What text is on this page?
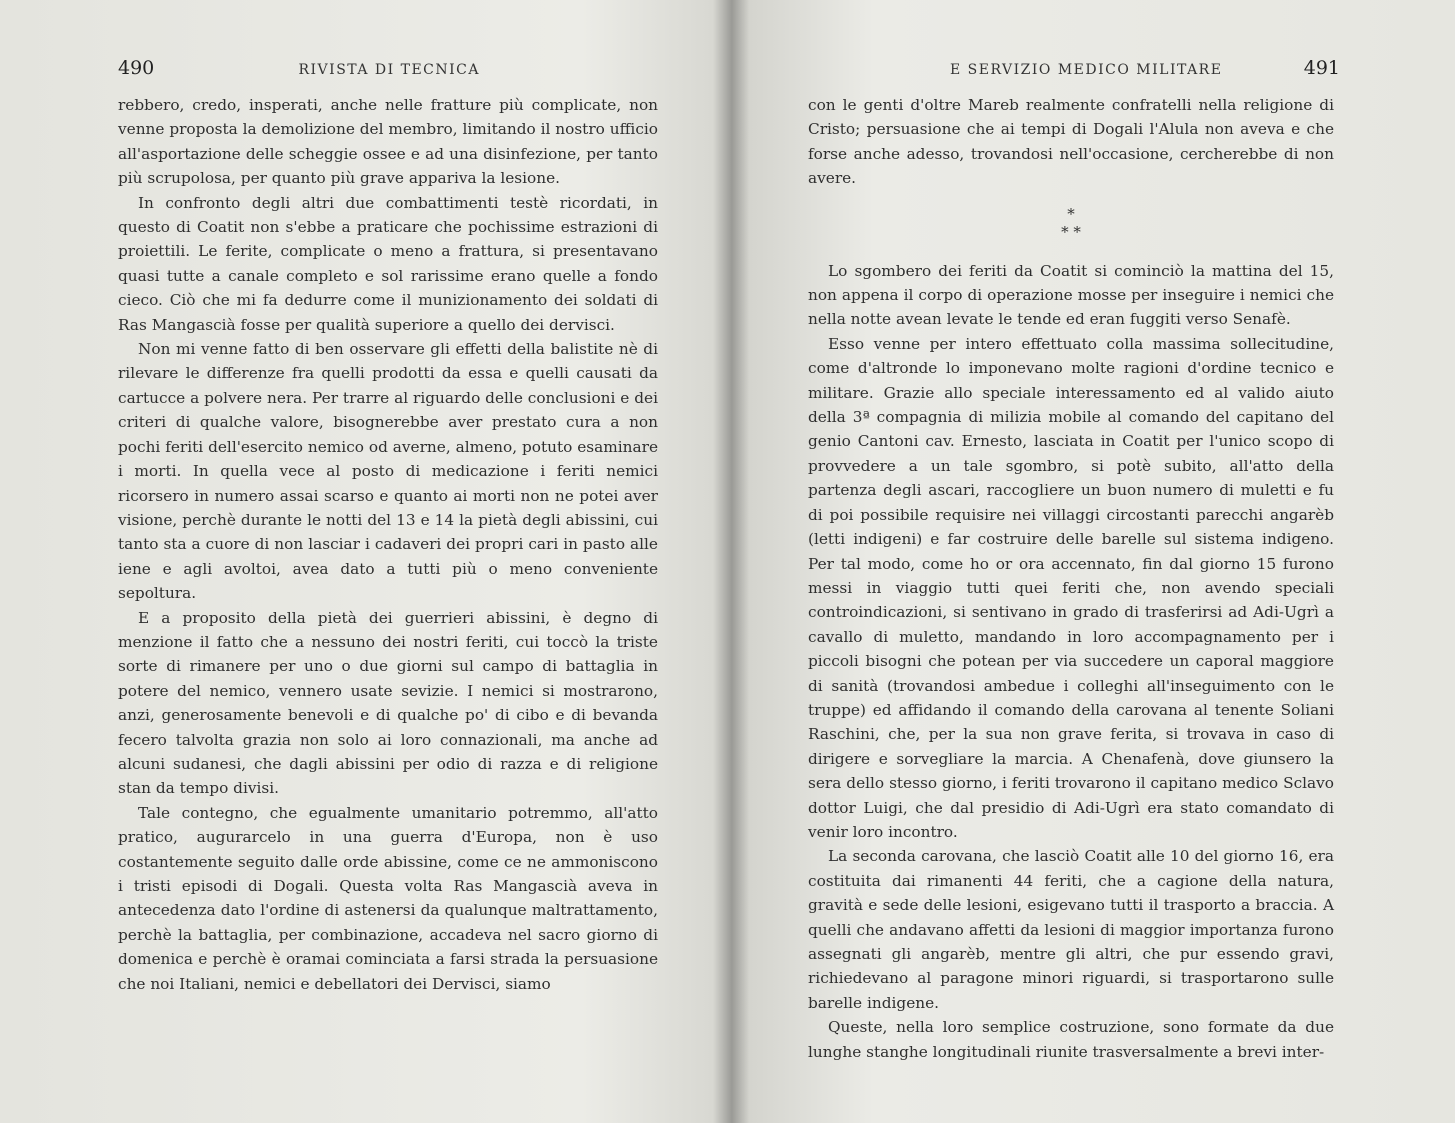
490	RIVISTA DI TECNICA

rebbero, credo, insperati, anche nelle fratture più complicate, non venne proposta la demolizione del membro, limitando il nostro ufficio all'asportazione delle scheggie ossee e ad una disinfezione, per tanto più scrupolosa, per quanto più grave appariva la lesione.

In confronto degli altri due combattimenti testè ricordati, in questo di Coatit non s'ebbe a praticare che pochissime estrazioni di proiettili. Le ferite, complicate o meno a frattura, si presentavano quasi tutte a canale completo e sol rarissime erano quelle a fondo cieco. Ciò che mi fa dedurre come il munizionamento dei soldati di Ras Mangascià fosse per qualità superiore a quello dei dervisci.

Non mi venne fatto di ben osservare gli effetti della balistite nè di rilevare le differenze fra quelli prodotti da essa e quelli causati da cartucce a polvere nera. Per trarre al riguardo delle conclusioni e dei criteri di qualche valore, bisognerebbe aver prestato cura a non pochi feriti dell'esercito nemico od averne, almeno, potuto esaminare i morti. In quella vece al posto di medicazione i feriti nemici ricorsero in numero assai scarso e quanto ai morti non ne potei aver visione, perchè durante le notti del 13 e 14 la pietà degli abissini, cui tanto sta a cuore di non lasciar i cadaveri dei propri cari in pasto alle iene e agli avoltoi, avea dato a tutti più o meno conveniente sepoltura.

E a proposito della pietà dei guerrieri abissini, è degno di menzione il fatto che a nessuno dei nostri feriti, cui toccò la triste sorte di rimanere per uno o due giorni sul campo di battaglia in potere del nemico, vennero usate sevizie. I nemici si mostrarono, anzi, generosamente benevoli e di qualche po' di cibo e di bevanda fecero talvolta grazia non solo ai loro connazionali, ma anche ad alcuni sudanesi, che dagli abissini per odio di razza e di religione stan da tempo divisi.

Tale contegno, che egualmente umanitario potremmo, all'atto pratico, augurarcelo in una guerra d'Europa, non è uso costantemente seguito dalle orde abissine, come ce ne ammoniscono i tristi episodi di Dogali. Questa volta Ras Mangascià aveva in antecedenza dato l'ordine di astenersi da qualunque maltrattamento, perchè la battaglia, per combinazione, accadeva nel sacro giorno di domenica e perchè è oramai cominciata a farsi strada la persuasione che noi Italiani, nemici e debellatori dei Dervisci, siamo

E SERVIZIO MEDICO MILITARE	491

con le genti d'oltre Mareb realmente confratelli nella religione di Cristo; persuasione che ai tempi di Dogali l'Alula non aveva e che forse anche adesso, trovandosi nell'occasione, cercherebbe di non avere.

*
* *

Lo sgombero dei feriti da Coatit si cominciò la mattina del 15, non appena il corpo di operazione mosse per inseguire i nemici che nella notte avean levate le tende ed eran fuggiti verso Senafè.

Esso venne per intero effettuato colla massima sollecitudine, come d'altronde lo imponevano molte ragioni d'ordine tecnico e militare. Grazie allo speciale interessamento ed al valido aiuto della 3ª compagnia di milizia mobile al comando del capitano del genio Cantoni cav. Ernesto, lasciata in Coatit per l'unico scopo di provvedere a un tale sgombro, si potè subito, all'atto della partenza degli ascari, raccogliere un buon numero di muletti e fu di poi possibile requisire nei villaggi circostanti parecchi angarèb (letti indigeni) e far costruire delle barelle sul sistema indigeno. Per tal modo, come ho or ora accennato, fin dal giorno 15 furono messi in viaggio tutti quei feriti che, non avendo speciali controindicazioni, si sentivano in grado di trasferirsi ad Adi-Ugrì a cavallo di muletto, mandando in loro accompagnamento per i piccoli bisogni che potean per via succedere un caporal maggiore di sanità (trovandosi ambedue i colleghi all'inseguimento con le truppe) ed affidando il comando della carovana al tenente Soliani Raschini, che, per la sua non grave ferita, si trovava in caso di dirigere e sorvegliare la marcia. A Chenafenà, dove giunsero la sera dello stesso giorno, i feriti trovarono il capitano medico Sclavo dottor Luigi, che dal presidio di Adi-Ugrì era stato comandato di venir loro incontro.

La seconda carovana, che lasciò Coatit alle 10 del giorno 16, era costituita dai rimanenti 44 feriti, che a cagione della natura, gravità e sede delle lesioni, esigevano tutti il trasporto a braccia. A quelli che andavano affetti da lesioni di maggior importanza furono assegnati gli angarèb, mentre gli altri, che pur essendo gravi, richiedevano al paragone minori riguardi, si trasportarono sulle barelle indigene.

Queste, nella loro semplice costruzione, sono formate da due lunghe stanghe longitudinali riunite trasversalmente a brevi inter-
